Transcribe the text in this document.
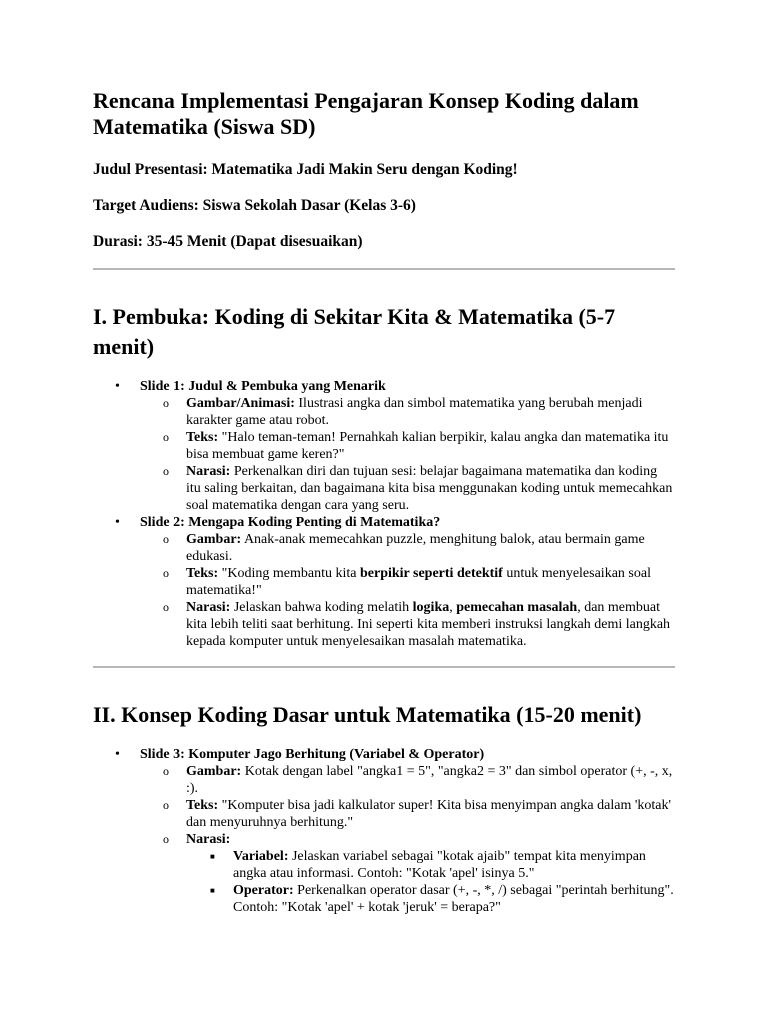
Rencana Implementasi Pengajaran Konsep Koding dalam Matematika (Siswa SD)

Judul Presentasi: Matematika Jadi Makin Seru dengan Koding!

Target Audiens: Siswa Sekolah Dasar (Kelas 3-6)

Durasi: 35-45 Menit (Dapat disesuaikan)

I. Pembuka: Koding di Sekitar Kita & Matematika (5-7 menit)
• Slide 1: Judul & Pembuka yang Menarik
o Gambar/Animasi: Ilustrasi angka dan simbol matematika yang berubah menjadi karakter game atau robot.
o Teks: "Halo teman-teman! Pernahkah kalian berpikir, kalau angka dan matematika itu bisa membuat game keren?"
o Narasi: Perkenalkan diri dan tujuan sesi: belajar bagaimana matematika dan koding itu saling berkaitan, dan bagaimana kita bisa menggunakan koding untuk memecahkan soal matematika dengan cara yang seru.
• Slide 2: Mengapa Koding Penting di Matematika?
o Gambar: Anak-anak memecahkan puzzle, menghitung balok, atau bermain game edukasi.
o Teks: "Koding membantu kita berpikir seperti detektif untuk menyelesaikan soal matematika!"
o Narasi: Jelaskan bahwa koding melatih logika, pemecahan masalah, dan membuat kita lebih teliti saat berhitung. Ini seperti kita memberi instruksi langkah demi langkah kepada komputer untuk menyelesaikan masalah matematika.
II. Konsep Koding Dasar untuk Matematika (15-20 menit)
• Slide 3: Komputer Jago Berhitung (Variabel & Operator)
o Gambar: Kotak dengan label "angka1 = 5", "angka2 = 3" dan simbol operator (+, -, x, :).
o Teks: "Komputer bisa jadi kalkulator super! Kita bisa menyimpan angka dalam 'kotak' dan menyuruhnya berhitung."
o Narasi:
■ Variabel: Jelaskan variabel sebagai "kotak ajaib" tempat kita menyimpan angka atau informasi. Contoh: "Kotak 'apel' isinya 5."
■ Operator: Perkenalkan operator dasar (+, -, *, /) sebagai "perintah berhitung". Contoh: "Kotak 'apel' + kotak 'jeruk' = berapa?"
